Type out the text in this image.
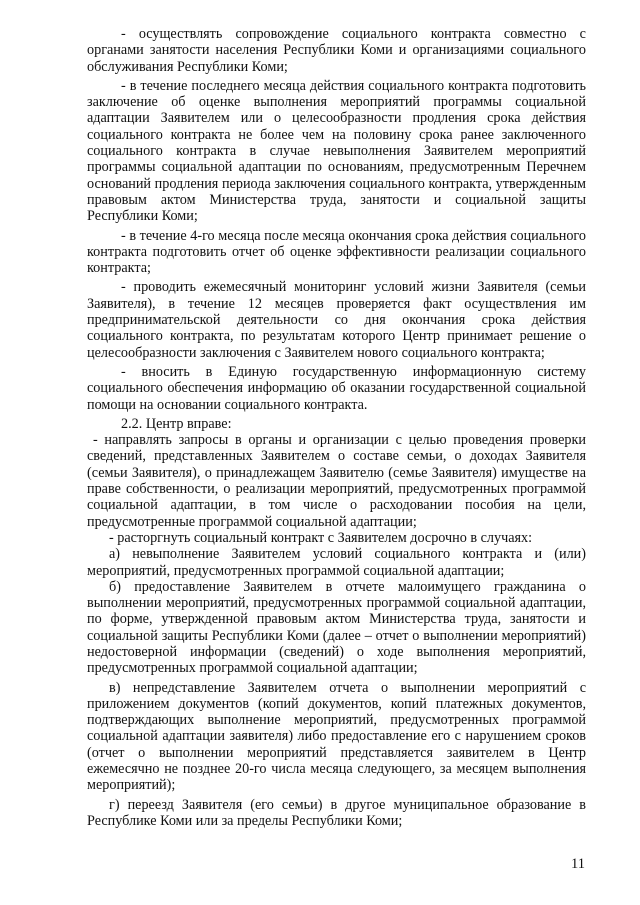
- осуществлять сопровождение социального контракта совместно с органами занятости населения Республики Коми и организациями социального обслуживания Республики Коми;

- в течение последнего месяца действия социального контракта подготовить заключение об оценке выполнения мероприятий программы социальной адаптации Заявителем или о целесообразности продления срока действия социального контракта не более чем на половину срока ранее заключенного социального контракта в случае невыполнения Заявителем мероприятий программы социальной адаптации по основаниям, предусмотренным Перечнем оснований продления периода заключения социального контракта, утвержденным правовым актом Министерства труда, занятости и социальной защиты Республики Коми;

- в течение 4-го месяца после месяца окончания срока действия социального контракта подготовить отчет об оценке эффективности реализации социального контракта;

- проводить ежемесячный мониторинг условий жизни Заявителя (семьи Заявителя), в течение 12 месяцев проверяется факт осуществления им предпринимательской деятельности со дня окончания срока действия социального контракта, по результатам которого Центр принимает решение о целесообразности заключения с Заявителем нового социального контракта;

- вносить в Единую государственную информационную систему социального обеспечения информацию об оказании государственной социальной помощи на основании социального контракта.

2.2. Центр вправе:

- направлять запросы в органы и организации с целью проведения проверки сведений, представленных Заявителем о составе семьи, о доходах Заявителя (семьи Заявителя), о принадлежащем Заявителю (семье Заявителя) имуществе на праве собственности, о реализации мероприятий, предусмотренных программой социальной адаптации, в том числе о расходовании пособия на цели, предусмотренные программой социальной адаптации;

- расторгнуть социальный контракт с Заявителем досрочно в случаях:

а) невыполнение Заявителем условий социального контракта и (или) мероприятий, предусмотренных программой социальной адаптации;

б) предоставление Заявителем в отчете малоимущего гражданина о выполнении мероприятий, предусмотренных программой социальной адаптации, по форме, утвержденной правовым актом Министерства труда, занятости и социальной защиты Республики Коми (далее – отчет о выполнении мероприятий) недостоверной информации (сведений) о ходе выполнения мероприятий, предусмотренных программой социальной адаптации;

в) непредставление Заявителем отчета о выполнении мероприятий с приложением документов (копий документов, копий платежных документов, подтверждающих выполнение мероприятий, предусмотренных программой социальной адаптации заявителя) либо предоставление его с нарушением сроков (отчет о выполнении мероприятий представляется заявителем в Центр ежемесячно не позднее 20-го числа месяца следующего, за месяцем выполнения мероприятий);

г) переезд Заявителя (его семьи) в другое муниципальное образование в Республике Коми или за пределы Республики Коми;

11
